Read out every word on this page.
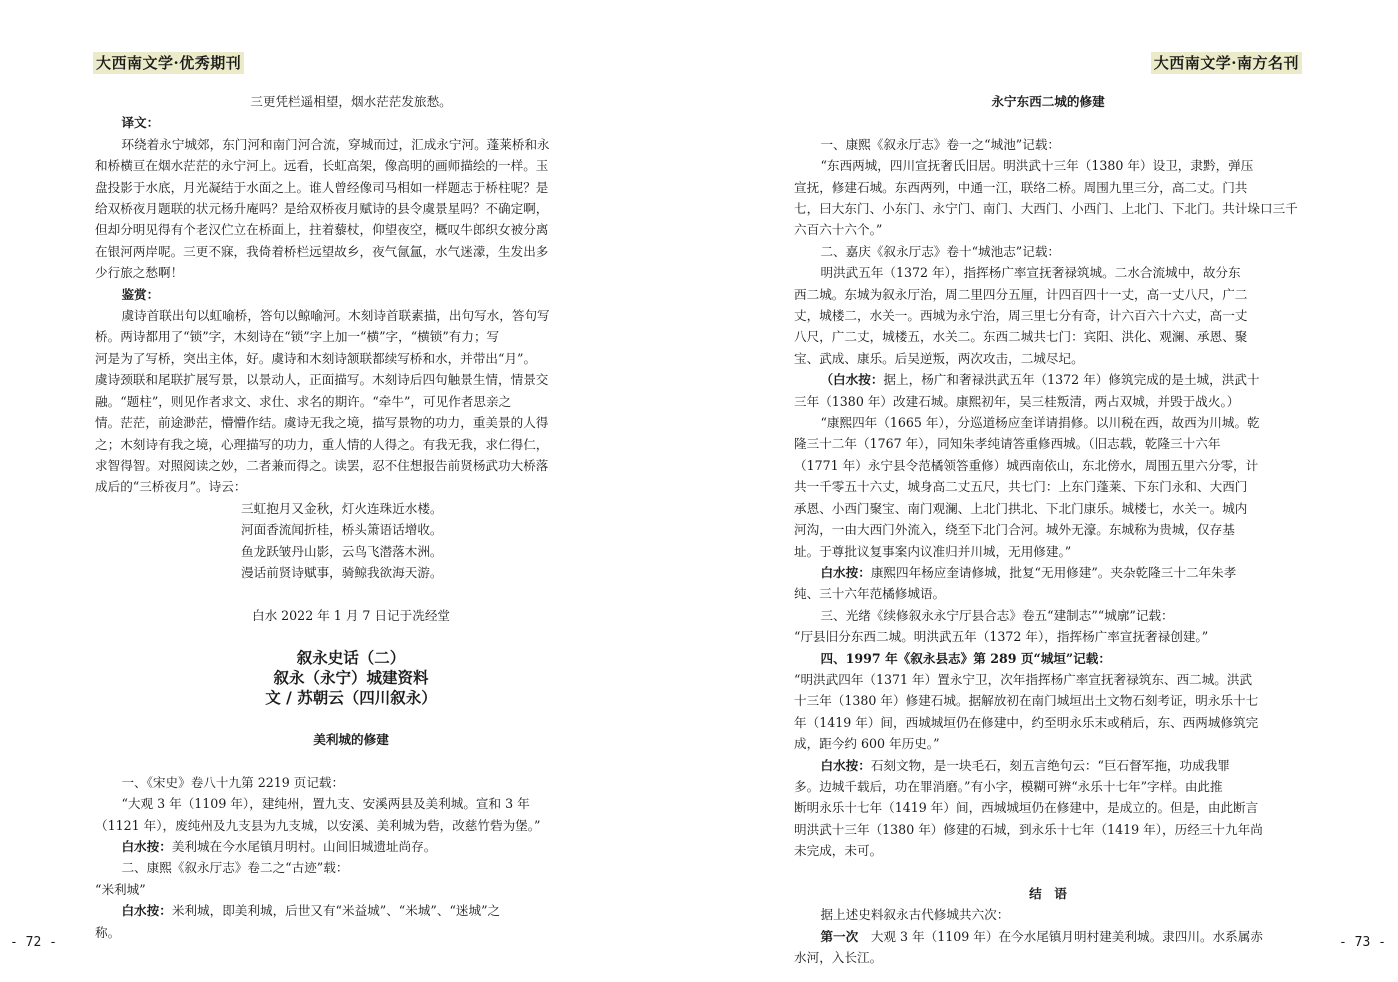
大西南文学·优秀期刊
三更凭栏遥相望，烟水茫茫发旅愁。
译文：
环绕着永宁城郊，东门河和南门河合流，穿城而过，汇成永宁河。蓬莱桥和永
和桥横亘在烟水茫茫的永宁河上。远看，长虹高架，像高明的画师描绘的一样。玉
盘投影于水底，月光凝结于水面之上。谁人曾经像司马相如一样题志于桥柱呢？是
给双桥夜月题联的状元杨升庵吗？是给双桥夜月赋诗的县令虞景星吗？不确定啊，
但却分明见得有个老汉伫立在桥面上，拄着藜杖，仰望夜空，概叹牛郎织女被分离
在银河两岸呢。三更不寐，我倚着桥栏远望故乡，夜气氤氲，水气迷濛，生发出多
少行旅之愁啊！
鉴赏：
虞诗首联出句以虹喻桥，答句以鲸喻河。木刻诗首联素描，出句写水，答句写
桥。两诗都用了“锁”字，木刻诗在“锁”字上加一“横”字，“横锁”有力；写
河是为了写桥，突出主体，好。虞诗和木刻诗颔联都续写桥和水，并带出“月”。
虞诗颈联和尾联扩展写景，以景动人，正面描写。木刻诗后四句触景生情，情景交
融。“题柱”，则见作者求文、求仕、求名的期许。“牵牛”，可见作者思亲之
情。茫茫，前途渺茫，懵懵作结。虞诗无我之境，描写景物的功力，重美景的人得
之；木刻诗有我之境，心理描写的功力，重人情的人得之。有我无我，求仁得仁，
求智得智。对照阅读之妙，二者兼而得之。读罢，忍不住想报告前贤杨武功大桥落
成后的“三桥夜月”。诗云：
三虹抱月又金秋，灯火连珠近水楼。
河面香流闻折桂，桥头箫语话增收。
鱼龙跃皱丹山影，云鸟飞潜落木洲。
漫话前贤诗赋事，骑鲸我欲海天游。
白水 2022 年 1 月 7 日记于冼经堂
叙永史话（二）
叙永（永宁）城建资料
文 / 苏朝云（四川叙永）
美利城的修建
一、《宋史》卷八十九第 2219 页记载：
“大观 3 年（1109 年），建纯州，置九支、安溪两县及美利城。宣和 3 年
（1121 年），废纯州及九支县为九支城，以安溪、美利城为砦，改慈竹砦为堡。”
白水按：美利城在今水尾镇月明村。山间旧城遗址尚存。
二、康熙《叙永厅志》卷二之“古迹”载：
“米利城”
白水按：米利城，即美利城，后世又有“米益城”、“米城”、“迷城”之
称。
- 72 -
大西南文学·南方名刊
- 73 -
永宁东西二城的修建
一、康熙《叙永厅志》卷一之“城池”记载：
“东西两城，四川宣抚奢氏旧居。明洪武十三年（1380 年）设卫，隶黔，弹压
宣抚，修建石城。东西两列，中通一江，联络二桥。周围九里三分，高二丈。门共
七，曰大东门、小东门、永宁门、南门、大西门、小西门、上北门、下北门。共计垛口三千
六百六十六个。”
二、嘉庆《叙永厅志》卷十“城池志”记载：
明洪武五年（1372 年），指挥杨广率宣抚奢禄筑城。二水合流城中，故分东
西二城。东城为叙永厅治，周二里四分五厘，计四百四十一丈，高一丈八尺，广二
丈，城楼二，水关一。西城为永宁治，周三里七分有奇，计六百六十六丈，高一丈
八尺，广二丈，城楼五，水关二。东西二城共七门：宾阳、洪化、观澜、承恩、聚
宝、武成、康乐。后吴逆叛，两次攻击，二城尽圮。
（白水按：据上，杨广和奢禄洪武五年（1372 年）修筑完成的是土城，洪武十
三年（1380 年）改建石城。康熙初年，吴三桂叛清，两占双城，并毁于战火。）
“康熙四年（1665 年），分巡道杨应奎详请捐修。以川税在西，故西为川城。乾
隆三十二年（1767 年），同知朱孝纯请答重修西城。（旧志载，乾隆三十六年
（1771 年）永宁县令范橘领答重修）城西南依山，东北傍水，周围五里六分零，计
共一千零五十六丈，城身高二丈五尺，共七门：上东门蓬莱、下东门永和、大西门
承恩、小西门聚宝、南门观澜、上北门拱北、下北门康乐。城楼七，水关一。城内
河沟，一由大西门外流入，绕至下北门合河。城外无濠。东城称为贵城，仅存基
址。于尊批议复事案内议准归并川城，无用修建。”
白水按：康熙四年杨应奎请修城，批复“无用修建”。夹杂乾隆三十二年朱孝
纯、三十六年范橘修城语。
三、光绪《续修叙永永宁厅县合志》卷五“建制志”“城廓”记载：
“厅县旧分东西二城。明洪武五年（1372 年），指挥杨广率宣抚奢禄创建。”
四、1997 年《叙永县志》第 289 页“城垣”记载：
“明洪武四年（1371 年）置永宁卫，次年指挥杨广率宣抚奢禄筑东、西二城。洪武
十三年（1380 年）修建石城。据解放初在南门城垣出土文物石刻考证，明永乐十七
年（1419 年）间，西城城垣仍在修建中，约至明永乐末或稍后，东、西两城修筑完
成，距今约 600 年历史。”
白水按：石刻文物，是一块毛石，刻五言绝句云：“巨石督军拖，功成我罪
多。边城千载后，功在罪消磨。”有小字，模糊可辨“永乐十七年”字样。由此推
断明永乐十七年（1419 年）间，西城城垣仍在修建中，是成立的。但是，由此断言
明洪武十三年（1380 年）修建的石城，到永乐十七年（1419 年），历经三十九年尚
未完成，未可。
结　语
据上述史料叙永古代修城共六次：
第一次　大观 3 年（1109 年）在今水尾镇月明村建美利城。隶四川。水系属赤
水河，入长江。
